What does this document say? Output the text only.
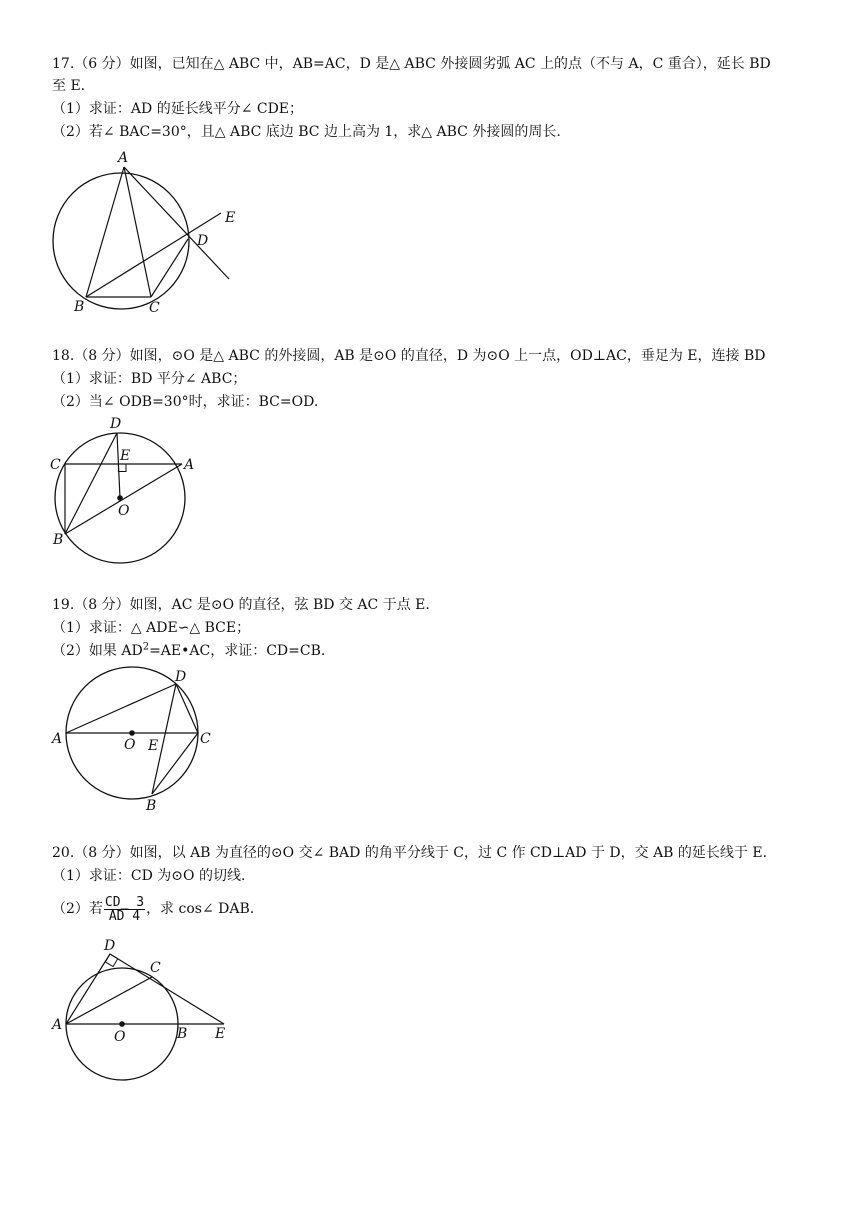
17.（6 分）如图，已知在△ ABC 中，AB=AC，D 是△ ABC 外接圆劣弧 AC 上的点（不与 A，C 重合），延长 BD
至 E.
（1）求证：AD 的延长线平分∠ CDE；
（2）若∠ BAC=30°，且△ ABC 底边 BC 边上高为 1，求△ ABC 外接圆的周长.
A
B	C
D
E
18.（8 分）如图，⊙O 是△ ABC 的外接圆，AB 是⊙O 的直径，D 为⊙O 上一点，OD⊥AC，垂足为 E，连接 BD
（1）求证：BD 平分∠ ABC；
（2）当∠ ODB=30°时，求证：BC=OD.
D
E
C	A
O
B
19.（8 分）如图，AC 是⊙O 的直径，弦 BD 交 AC 于点 E.
（1）求证：△ ADE∽△ BCE；
（2）如果 $AD^2=AE•AC$，求证：CD=CB.
D
A	O E	C
B
20.（8 分）如图，以 AB 为直径的⊙O 交∠ BAD 的角平分线于 C，过 C 作 CD⊥AD 于 D，交 AB 的延长线于 E.
（1）求证：CD 为⊙O 的切线.
（2）若 $\frac{CD\_ 3}{AD 4}$ ，求 cos∠ DAB.
D
C
A
O	B E
